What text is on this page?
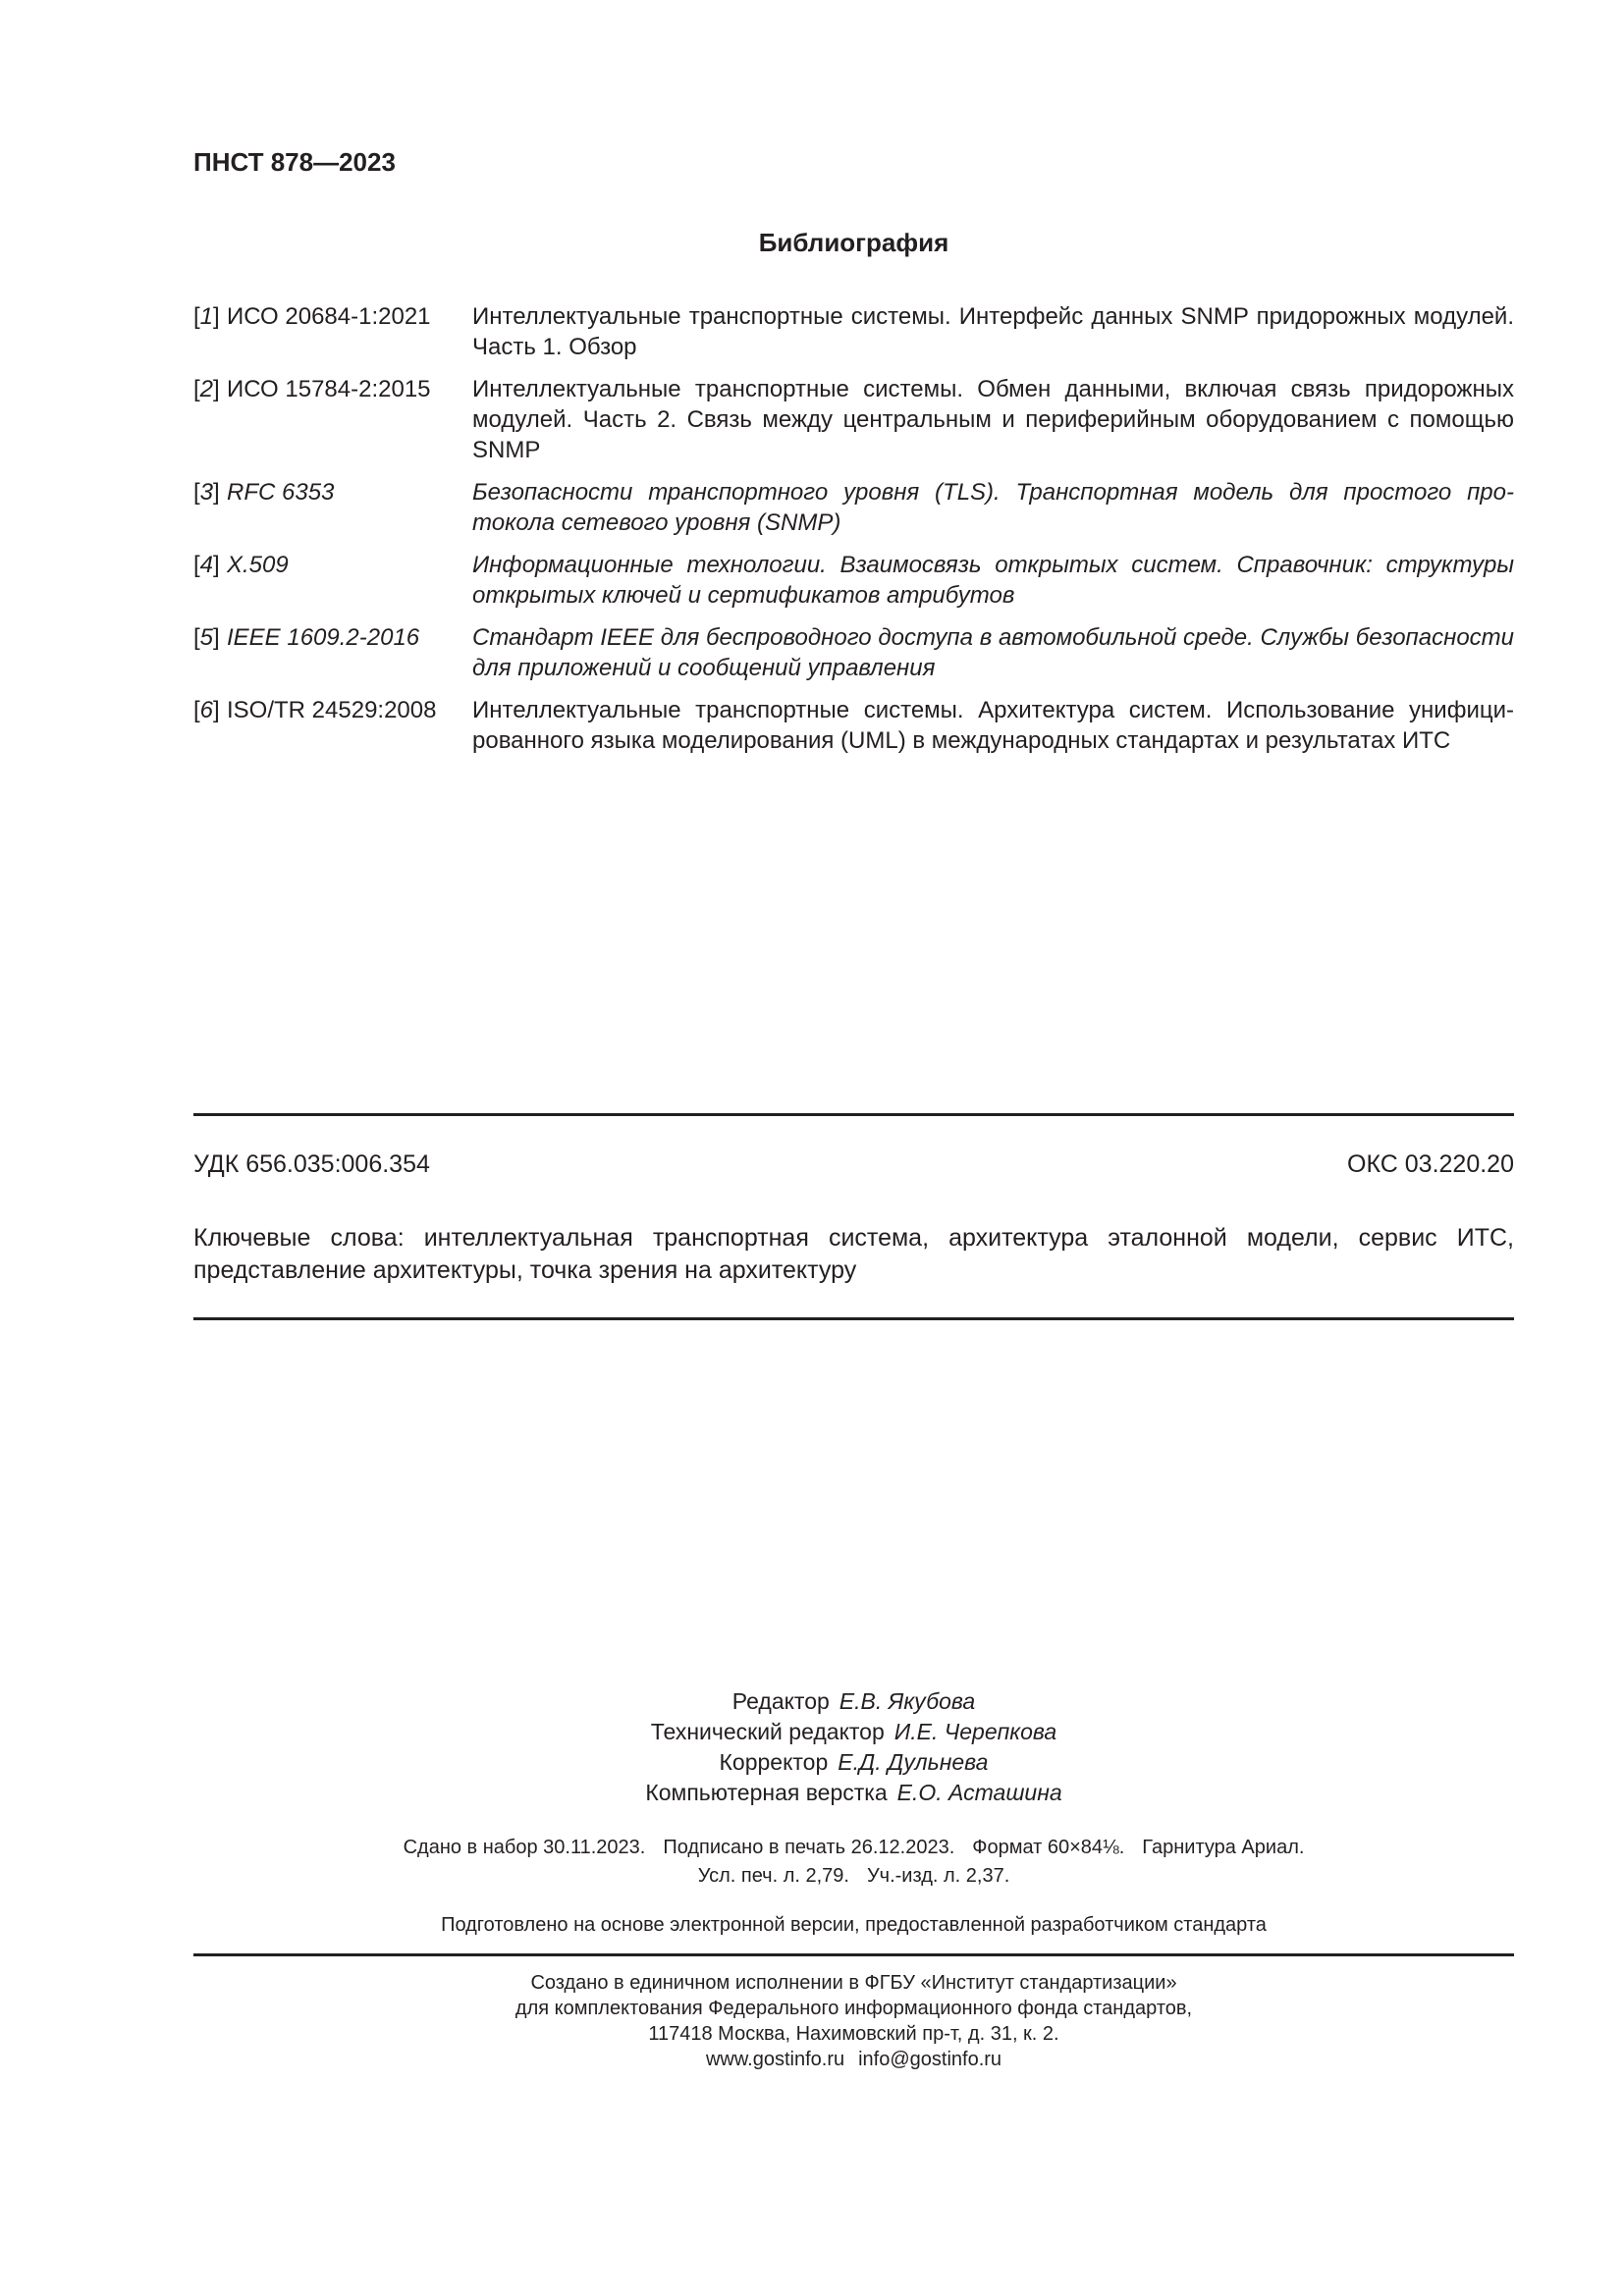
ПНСТ 878—2023
Библиография
[1] ИСО 20684-1:2021	Интеллектуальные транспортные системы. Интерфейс данных SNMP придорожных модулей. Часть 1. Обзор
[2] ИСО 15784-2:2015	Интеллектуальные транспортные системы. Обмен данными, включая связь придорожных модулей. Часть 2. Связь между центральным и периферийным оборудованием с помощью SNMP
[3] RFC 6353	Безопасности транспортного уровня (TLS). Транспортная модель для простого протокола сетевого уровня (SNMP)
[4] X.509	Информационные технологии. Взаимосвязь открытых систем. Справочник: структуры открытых ключей и сертификатов атрибутов
[5] IEEE 1609.2-2016	Стандарт IEEE для беспроводного доступа в автомобильной среде. Службы безопасности для приложений и сообщений управления
[6] ISO/TR 24529:2008	Интеллектуальные транспортные системы. Архитектура систем. Использование унифицированного языка моделирования (UML) в международных стандартах и результатах ИТС
УДК 656.035:006.354	ОКС 03.220.20
Ключевые слова: интеллектуальная транспортная система, архитектура эталонной модели, сервис ИТС, представление архитектуры, точка зрения на архитектуру
Редактор Е.В. Якубова
Технический редактор И.Е. Черепкова
Корректор Е.Д. Дульнева
Компьютерная верстка Е.О. Асташина
Сдано в набор 30.11.2023. Подписано в печать 26.12.2023. Формат 60×84⅛. Гарнитура Ариал.
Усл. печ. л. 2,79. Уч.-изд. л. 2,37.
Подготовлено на основе электронной версии, предоставленной разработчиком стандарта
Создано в единичном исполнении в ФГБУ «Институт стандартизации»
для комплектования Федерального информационного фонда стандартов,
117418 Москва, Нахимовский пр-т, д. 31, к. 2.
www.gostinfo.ru info@gostinfo.ru
